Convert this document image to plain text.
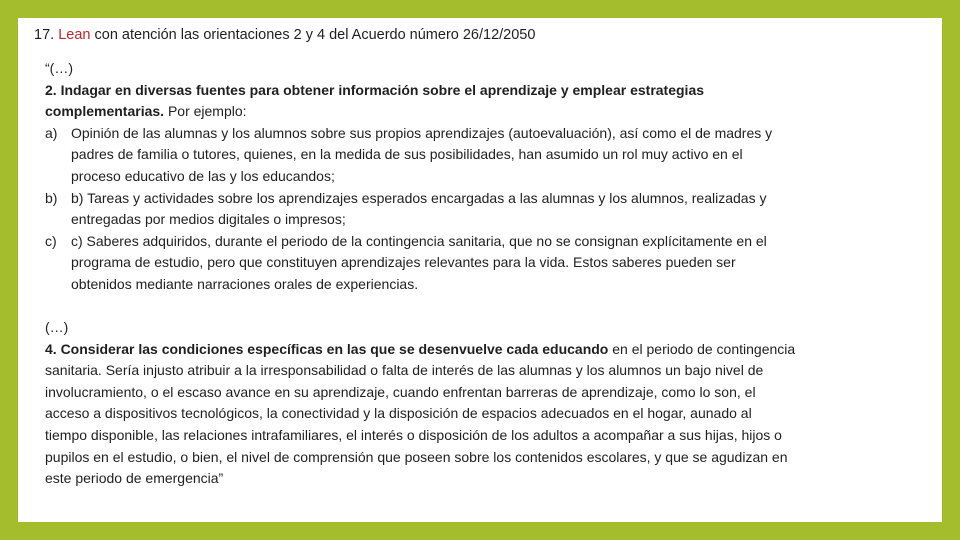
17. Lean con atención las orientaciones 2 y 4 del Acuerdo número 26/12/2050
“(…)
2. Indagar en diversas fuentes para obtener información sobre el aprendizaje y emplear estrategias
complementarias. Por ejemplo:
a) Opinión de las alumnas y los alumnos sobre sus propios aprendizajes (autoevaluación), así como el de madres y
padres de familia o tutores, quienes, en la medida de sus posibilidades, han asumido un rol muy activo en el
proceso educativo de las y los educandos;
b) b) Tareas y actividades sobre los aprendizajes esperados encargadas a las alumnas y los alumnos, realizadas y
entregadas por medios digitales o impresos;
c) c) Saberes adquiridos, durante el periodo de la contingencia sanitaria, que no se consignan explícitamente en el
programa de estudio, pero que constituyen aprendizajes relevantes para la vida. Estos saberes pueden ser
obtenidos mediante narraciones orales de experiencias.
(…)
4. Considerar las condiciones específicas en las que se desenvuelve cada educando en el periodo de contingencia
sanitaria. Sería injusto atribuir a la irresponsabilidad o falta de interés de las alumnas y los alumnos un bajo nivel de
involucramiento, o el escaso avance en su aprendizaje, cuando enfrentan barreras de aprendizaje, como lo son, el
acceso a dispositivos tecnológicos, la conectividad y la disposición de espacios adecuados en el hogar, aunado al
tiempo disponible, las relaciones intrafamiliares, el interés o disposición de los adultos a acompañar a sus hijas, hijos o
pupilos en el estudio, o bien, el nivel de comprensión que poseen sobre los contenidos escolares, y que se agudizan en
este periodo de emergencia”
